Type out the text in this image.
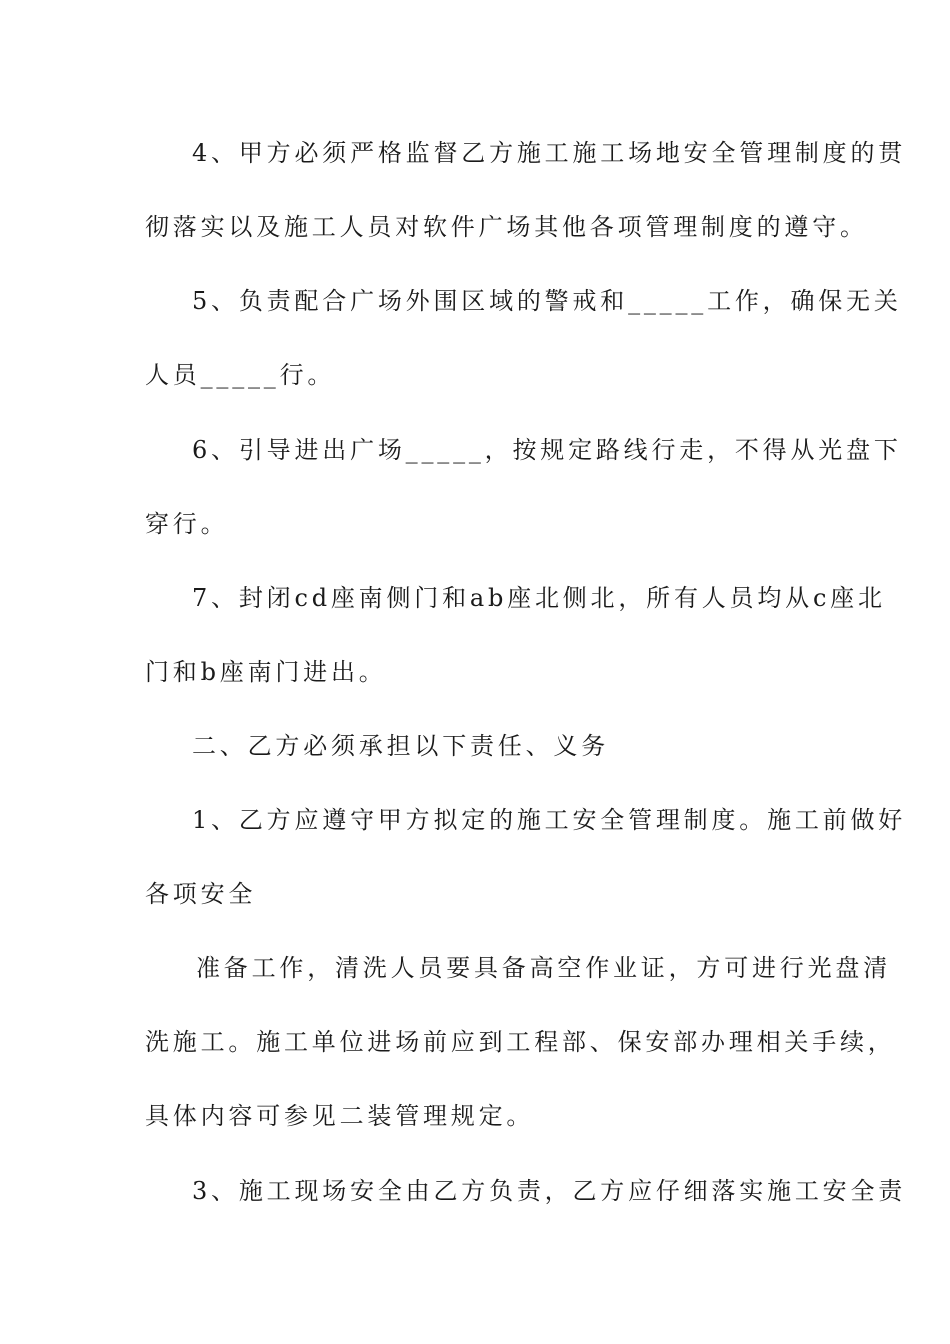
4、甲方必须严格监督乙方施工施工场地安全管理制度的贯
彻落实以及施工人员对软件广场其他各项管理制度的遵守。
5、负责配合广场外围区域的警戒和_____工作，确保无关
人员_____行。
6、引导进出广场_____，按规定路线行走，不得从光盘下
穿行。
7、封闭cd座南侧门和ab座北侧北，所有人员均从c座北
门和b座南门进出。
二、乙方必须承担以下责任、义务
1、乙方应遵守甲方拟定的施工安全管理制度。施工前做好
各项安全
准备工作，清洗人员要具备高空作业证，方可进行光盘清
洗施工。施工单位进场前应到工程部、保安部办理相关手续，
具体内容可参见二装管理规定。
3、施工现场安全由乙方负责，乙方应仔细落实施工安全责
